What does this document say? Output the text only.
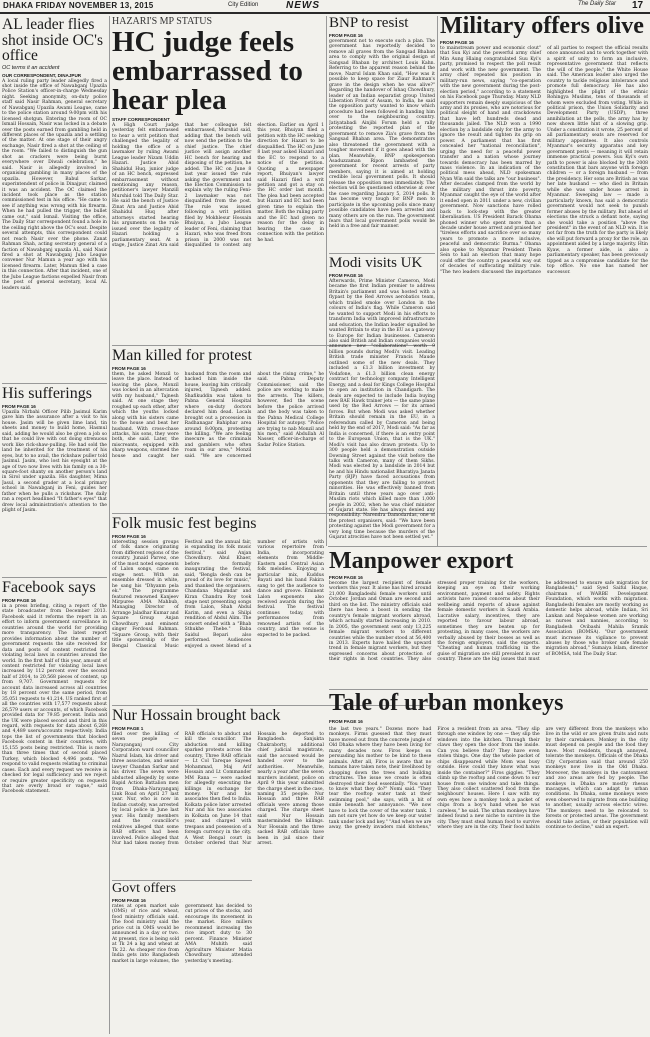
DHAKA FRIDAY NOVEMBER 13, 2015	City Edition	NEWS	The Daily Star 17
AL leader flies shot inside OC's office

OC terms it an accident

OUR CORRESPONDENT, DINAJPUR

A local ruling party leader allegedly fired a shot inside the office of Nawabganj Upazila Police Station's officer-in-charge Wednesday night. Seeking anonymity, on-duty police staff said Nasir Rahman, general secretary of Nawabganj Upazila Awami League, came to the police station around 9:00pm with his licensed shotgun. Entering the room of OC Ismail Hossain, Nasir was locked in a debate over the posts earned from gambling held in different places of the upazila and a settling of the matter. At one stage of their angry exchange, Nasir fired a shot at the ceiling of the room. "We failed to distinguish the gun shot as crackers were being burnt everywhere over Diwali celebration," he said. Nasir is allegedly involved in organising gambling in many places of the upazila. However, Babul Sarkar, superintendent of police in Dinajpur, claimed it was an accident. The OC claimed the incident took place as the station commissioned test in his office. "He came to see if anything was wrong with his firearm. When he had pulled the trigger, the bullet came out," said Ismail. Visiting the office, The Daily Star correspondent found a hole in the ceiling right above the OC's seat. Despite several attempts, this correspondent could not reach Nasir over the phone. Zanat Rahman Shah, acting secretary general of a faction of Nawabganj upazila AL, said Nasir fired a shot at Nawabganj Jubo League convener Nur Mamun a year ago with his licensed firearm. Later, Mamun filed a case in this connection. After that incident, one of the Jubo League factions expelled Nasir from the post of general secretary, local AL leaders said.
His sufferings

FROM PAGE 16

Upazila Nirbahi Officer Pilib Jasimul Karim gave him the assurance after a visit to his house. Jasim will be given lime land, tin sheets and money to build home, Hasmul said, adding he would also be given a job so that he could live with out doing strenuous work like rick-shaw-pulling. He had sold the land he inherited for the treatment of his eyes, but to no avail, the rickshaw puller told Jasimul. Jasim, who lost his eyesight at the age of two now lives with his family on a 30-square-foot shanty on another person's land in Sirol under upazila. His daughter, Mima Jasul, a second grader at a local primary school in Nawabganj in Feni, guides her father when he pulls a rickshaw. The daily ran a report headlined "It father's eyes" that drew local administration's attention to the plight of Jasim.
Facebook says

FROM PAGE 16

in a press briefing, citing a report of the state broadcaster from December 2013. Facebook said it reforms the report in an effort to inform government surveillance in countries around the world for providing more transparency. The latest report provides information about the number of government requests the site received for data and posts of content restricted for violating local laws in countries around the world. In the first half of this year, amount of content restricted for violating local laws increased by 112 percent over the second half of 2014, to 20,568 pieces of content, up from 9,707. Government requests for account data increased across all countries by 18 percent over the same period, from 35,051 requests to 41,214. US ranked first of all the countries with 17,577 requests about 26,579 users or accounts, of which Facebook provided data for 79.85 percent. India and the UK were placed second and third in this regard, with requests for data about 6,268 and 4,489 users/accounts respectively. India tops the list of governments that blocked Facebook content in their countries, with 15,155 posts being restricted. This is more than three times that of second placed Turkey, which blocked 4,496 posts. "We respond to valid requests relating to criminal cases. Each and every request we receive is checked for legal sufficiency and we reject or require greater specificity on requests that are overly broad or vague," said Facebook statement.

HAZARI'S MP STATUS

HC judge feels embarrassed to hear plea

STAFF CORRESPONDENT

A High Court judge yesterday felt embarrassed to hear a writ petition that challenged the legality of holding the office of a lawmaker by ruling Awami League leader Nizam Uddin Hazari. Justice Abid Shahidul Huq, junior judge of an HC bench, expressed embarrassment without mentioning any reason, petitioner's lawyer Manzill Murshid told The Daily Star. He said the bench of Justice Zinat Ara and Justice Abid Shahidul Huq after attorneys started hearing his arguments on the rule issued over the legality of Hazari holding a parliamentary seat. At a stage, Justice Zinat Ara said that her colleague felt embarrassed, Murshid said, adding that the bench will now send the petition to the chief justice. The chief justice will assign another HC bench for hearing and disposing of the petition, he added. The HC on June 8 last year issued the rule asking the government and the Election Commission to explain why the ruling Feni-2 lawmaker was not disqualified from the post. The rule was issued following a writ petition filed by Mokhlesur Hossain Bhuiyan, a Jubo League leader of Feni, claiming that Hazari, who was freed from prison in 2000 was not disqualified to contest any election. Earlier on April 1 this year, Bhuiyan filed a petition with the HC seeking direction for Hazari to be disqualified. The HC on June 8 last year asked Hazari and the EC to respond to a notice of the petition. Quoting a newspaper report, Bhuiyan's lawyer said Hazari filed a writ petition and got a stay on the HC order last month. The plea had been accepted but Hazari and EC had been given time to explain the matter. Both the ruling party and the EC had given no reason for the delay in hearing the case in connection with the petition he had.
Man killed for protest

FROM PAGE 16

them, he asked Monzil to leave the place. Instead of leaving the place, Monzil was locked in an altercation with my husband," Tajnesh said. At one stage they roughed up each other, after which the youths locked along with his sisters came to the house and beat her husband. With cross-chase attacks, his sons, they were both, she said. Later, the miscreants, equipped with sharp weapons, stormed the house and caught her husband from the room and hacked him inside the house, leaving him critically injured, Tajnesh added. Shafikuddin was taken to Pabna General Hospital where on-duty doctors declared him dead. Locals brought out a procession in Radhanagar Bahiphar area around 8:00pm, protesting the killing. "We are feeling insecure as the criminals and gamblers who often roam in our area," Monzil said. "We are concerned about the rising crime," he said. Pabna Deputy Commissioner, said the police are working to make the arrests. The killers, however, fled the scene before the police arrived and the body was taken to the Pabna Medical College Hospital for autopsy. "Police are trying to nab Monzil and his men," said Abdullah Al Nasser, officer-in-charge of Sadar Police Station.
Folk music fest begins

FROM PAGE 16

interesting session groups of folk dance originating from different regions of the country. Junaid Parvez, one of the most noted exponents of Lalon songs, came on stage next. With an ensemble dressed in white, he sang his "Dhyanm pela ek." The programme featured renowned Kanjeev Mirpuree AMA Mahbub, Managing Director of Arrange Jaladhar Kumar and Square Group Anjan Chowdhury and eminent singer Ferdousi Rahman. "Square Group, with their title sponsorship of the Bengal Classical Music Festival and the annual fair, is expanding its folk music festival," said Anjan Chowdhury. Abul Khaer, before formally inaugurating the festival, said, "Bengla desh can be proud of its love for music," and thanked the organisers. Chandana Majumdar and Kiran Chandra Roy took stage next presenting songs from Lalon, Shah Abdul Karim, and even a Shilpi rendition of Abdul Alim. The concert ended with a "Bhab Sthukhe Thebe." Baba Saidul Bepari also performed. Audiences enjoyed a sweet blend of a number of artists with various repertoire from India, incorporating elements from Middle-Eastern and Central Asian folk melodies. Enjoying a particular mix, Kuddus Bayati and his band Fakira sang to get the audience to dance and groove. Eminent Lalon exponents also received awards during the festival. The festival continues today, with performances from renowned artists of the country, and the venue is expected to be packed.
Nur Hossain brought back

FROM PAGE 1

filed over the killing of seven people — Narayanganj City Corporation ward councillor Nazrul Islam, his driver and three associates, and senior lawyer Chandan Sarkar and his driver. The seven were abducted allegedly by some Rapid Action Battalion men from Dhaka-Narayanganj Link Road on April 27 last year. Nur, who is now in Indian custody, was arrested by local police in June last year. His family members and the councillor's relatives alleged that some RAB officers had been involved. Police alleged that Nur had taken money from RAB officials to abduct and kill the councillor. The abduction and killing sparked protests across the country. Three RAB officials — Lt Col Tareque Sayeed Mohammad, Maj Arif Hossain and Lt Commander MM Rana — were sacked for allegedly executing the killings in exchange for money. Nur and his associates then fled to India. Kolkata police later arrested Nur and his two associates in Kolkata on June 14 that year, and charged with trespass and possession of a foreign currency in the city. A West Bengal court in October ordered that Nur Hossain be deported to Bangladesh. Sanjukta Chakraborty, additional chief judicial magistrate, said the accused would be handed over to the authorities. Meanwhile, nearly a year after the seven murders incident, police on April 9 this year submitted the charge sheet in the case, naming 35 people. Nur Hossain and three RAB officials were among those charged. The charge sheet said Nur Hossain masterminded the killings. Nur Hossain and the three sacked RAB officials have been in jail since their arrest.
Govt offers

FROM PAGE 16

rates at open market sale (OMS) of rice and wheat, food ministry officials said. The food ministry said the price cut in OMS would be announced in a day or two. At present, rice is being sold at Tk 24 a kg and wheat at Tk 22. As cheaper rice from India gets into Bangladesh market in large volumes, the government has decided to cut prices of the stocks, and encourage its movement in the market. Rice millers recommend increasing the rice import duty to 30 percent. Finance Minister AMA Muhith said Agriculture Minister Matia Chowdhury attended yesterday's meeting.
BNP to resist

FROM PAGE 16

government not to execute such a plan. The government has reportedly decided to remove all graves from the Sangsad Bhaban area to comply with the original design of Sangsad Bhaban by architect Louis Kahn. Referring to the apparent reason behind the move, Nazrul Islam Khan said, "How was it possible to keep space for Ziaur Rahman's grave in the design when he was alive?" Regarding the handover of Ishaq Chowdhury, leader of an Indian separatist group United Liberation Front of Assam, to India, he said the opposition party wanted to know which procedure had been followed in handing him over to the neighbouring country. Jatiyatabadi Ainjibi Forum held a rally protesting the reported plan of the government to remove Zia's grave from the Sangsad Bhaban area. The demonstrators also threatened the government with a tougher movement if it goes ahead with the plan. Meanwhile, BNP spokesperson Asaduzzaman Ripon lambasted the government for recent arrests of party members, saying it is aimed at holding credible local government polls. It should release the opposition men immediately. The election will be questioned otherwise at over the case regarding January 5, 2014 polls. It has become very tough for BNP men to participate in the upcoming polls since many possible candidates have been arrested and many others are on the run. The government fears that local government polls would be held in a free and fair manner.
Modi visits UK

FROM PAGE 16

Afterwards, Prime Minister Cameron, Modi became the first Indian premier to address Britain's parliament and was hosted with a flypast by the Red Arrows aerobatics team, which trailed smoke over London in the colours of India's flag. While Cameron said he wanted to support Modi in his efforts to transform India with improved infrastructure and education, the Indian leader signalled he wanted Britain to stay in the EU as a gateway to Europe for Indian businesses. Cameron also said British and Indian companies would announce new "collaborations" worth 9 billion pounds during Modi's visit. Leading British trade minister Francis Maude outlined some of the new deals. They included a £1.3 billion investment by Vodafone, a £1.3 billion clean energy contract for technology company Intelligent Energy, and a deal for Kings College Hospital to open an institution in Chandigarh. The deals are expected to include India buying new BAE Hawk trainer jets — the same plane used by the Red Arrows — for its armed forces. But when Modi was asked whether Britain should remain in the EU, in a referendum called by Cameron and being held by the end of 2017, Modi said: "As far as India is concerned, if there is an entry point to the European Union, that is the UK." Modi's visit has also drawn protests. Up to 300 people held a demonstration outside Downing Street against the visit before the talks with Cameron, many of them Sikhs. Modi was elected by a landslide in 2014 but he and his Hindu nationalist Bharatiya Janata Party (BJP) have faced accusations from opponents that they are failing to protect minorities. He was effectively banned from Britain until three years ago over anti-Muslim riots which killed more than 1,000 people in 2002, when he was chief minister of Gujarat state. He has always denied any responsibility. Narendra Damodardas, one of the protest organisers, said: "We have been protesting against the Modi government for a very long time because the murders of the Gujarat atrocities have not been settled yet."
Military offers olive

FROM PAGE 16

to mainstream power and economic clout" that Suu Kyi and the powerful army chief Min Aung Hlaing congratulated Suu Kyi's party, promised to respect the poll result and work with the new government. The army chief repeated his position in military-run news, saying "co-operation with the new government during the post-election period," according to a statement on his Facebook page Thursday. Many NLD supporters remain deeply suspicious of the army and its proxies, who are notorious for political sleight of hand and crackdowns that have left hundreds dead and thousands jailed. The NLD won a 1990 election by a landslide only for the army to ignore the result and tighten its grip on power. A parliament that has first concealed her "national reconciliation", urging the need for a peaceful power transfer and a nation whose journey towards democracy has been marred by mass violence. In an indication of the political mess ahead, NLD spokesman Nyan Win said the talks are "our business". After decades clamped from the world by the military and thrust into poverty, Myanmar caught the eye of the world after it ended open in 2011 under a new, civilian government. Now sanctions have rolled back to lock-step with the greater liberalisation. US President Barack Obama phoned winner who spent more than a decade under house arrest and praised her "tireless efforts and sacrifice over so many years to promote a more inclusive, peaceful and democratic Burma." Obama also spoke to Myanmar President Thein Sein to hail an election that many hope could offer the country a peaceful way out of decades of suffocating military rule. "The two leaders discussed the importance of all parties to respect the official results once announced and to work together with a spirit of unity to form an inclusive, representative government that reflects the will of the people," the White House said. The American leader also urged the country to tackle religious intolerance and promote full democracy. He has also highlighted the plight of the ethnic Rohingya Muslims, tens of thousands of whom were excluded from voting. While in political prison, the Union Solidarity and Development Party (USDP), three annihilation at the polls, the army has by now shown little hint of a slowing grip. Under a constitution it wrote, 25 percent of all parliamentary seats are reserved for military appointees. It also controls Myanmar's security apparatus and key government posts — meaning it will retain immense practical powers. Suu Kyi's own path to power is also blocked by the 2008 constitution that bars anyone with foreign children — or a foreign husband — from the presidency. Her sons are British as was her late husband — who died in Britain while she was under house arrest in Myanmar. Sweeping law — made a particularly known, has said a democratic government would not seek to punish former abuses by the military. But ahead of elections the struck a defiant note, saying she would take a position "above the president" in the event of an NLD win. It is not far from the truth for the party is likely she will put forward a proxy for the role, an appointment aided by a large majority. Htin Kyaw, a former aide, is also a parliamentary speaker, has been previously tipped as a compromise candidate for the top office. No one has named her successor.
Manpower export

FROM PAGE 16

become the largest recipient of female workers this year. It alone has hired around 21,000 Bangladeshi female workers until October. Jordan and Oman are second and third on the list. The ministry officials said there has been a boost in sending the country's female migrant workers abroad, which actually started increasing in 2010. In 2005, the government sent only 13,225 female migrant workers to different countries while the number stood at 56,400 in 2013. Experts have hailed the upward trend in female migrant workers, but they expressed concerns about protection of their rights in host countries. They also stressed proper training for the workers, keeping an eye on their working environment, payment and safety. Rights activists have raised concerns about their wellbeing amid reports of abuse against female domestic workers in Saudi Arabia. Lucrative salary, incentives, they are reported to favour labour abroad, sometimes they are beaten up for protesting, in many cases, the workers are verbally abused by their bosses as well as the foreign employers, said the experts. "Cheating and human trafficking in the guise of migration are still prevalent in our country. These are the big issues that must be addressed to ensure safe migration for Bangladeshi," said Syed Saiful Haque, chairman of WARBE Development Foundation, which works with migration. Bangladeshi females are mostly working as domestic helps abroad, while Indian, Sri Lankan and Nepalese women are working as nurses and nannies, according to Bangladesh Ovibashi Mahila Sramik Association (BOMSA). "Our government must increase its vigilance to prevent abuses by those who broker safe female migration abroad," Sumaiya Islam, director of BOMSA, told The Daily Star.
Tale of urban monkeys

FROM PAGE 16

the last two years." Dozens more had monkeys. Firms guessed that they must have moved out from the concrete jungle of Old Dhaka where they have been living for many decades now. Firos keeps on persuading his mother to be kind to these animals. After all, Firos is aware that no humans have taken note, their livelihood by chopping down the trees and building structures. The issue we create is often destroyed their food essentially. "You want to know what they do?" Nomi said. "They tear the rooftop water tank at their swimming pool," she says, with a bit of smile beneath her annoyance. "We now have to lock the cover of the water tank. I am not sure yet how do we keep our water tank under lock and key." "And when we are away, the greedy invaders raid kitchens," Firos a resident from an area. "They slip through one window by one — they slip the windows into the kitchen. Through their claws they open the door from the inside. Can you believe that? They have even stolen things. One day the whole packet of chips disappeared while Mom was busy outside. How could they know what was inside the container?" Firos giggles. "They climb up the rooftop and come down to our house from one window and take things. They also collect scattered food from the neighbours' houses. Here I saw with my own eyes how a monkey took a packet of chips from a boy's hand when he was careless," he said. The urban monkeys have indeed found a new niche to survive in the city. They must steal human food to survive where they are in the city. Their food habits are very different from the monkeys who live in the wild or are given fruits and nuts by their caretakers. Monkey in the city must depend on people and the food they have. Most residents, though annoyed, tolerate the monkeys. Officials of the Dhaka City Corporation said that around 250 monkeys now live in the Old Dhaka. Moreover, the monkeys in the cantonment and zoo areas are fed by people. The monkeys in Dhaka are mostly rhesus macaques, which can adapt to urban conditions. In Dhaka, some monkeys were even observed to migrate from one building to another, usually across electric wires. "The monkeys need to be relocated to forests or protected areas. The government should take action, or their population will continue to decline," said an expert.
